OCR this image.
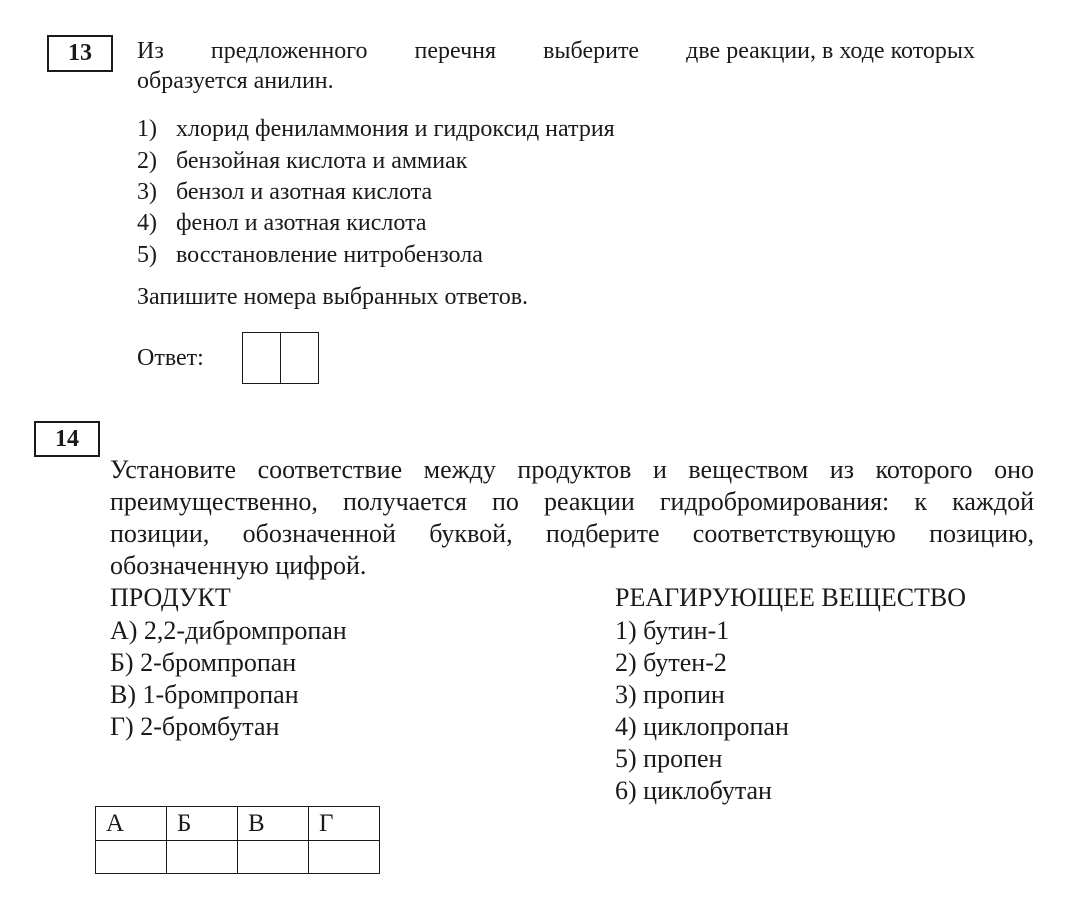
13	Из предложенного перечня выберите две реакции, в ходе которых
образуется анилин.
1) хлорид фениламмония и гидроксид натрия
2) бензойная кислота и аммиак
3) бензол и азотная кислота
4) фенол и азотная кислота
5) восстановление нитробензола
Запишите номера выбранных ответов.
Ответ:
14
Установите соответствие между продуктов и веществом из которого оно
преимущественно, получается по реакции гидробромирования: к каждой
позиции, обозначенной буквой, подберите соответствующую позицию,
обозначенную цифрой.
ПРОДУКТ
А) 2,2-дибромпропан
Б) 2-бромпропан
В) 1-бромпропан
Г) 2-бромбутан
РЕАГИРУЮЩЕЕ ВЕЩЕСТВО
1) бутин-1
2) бутен-2
3) пропин
4) циклопропан
5) пропен
6) циклобутан
А	Б	В	Г
